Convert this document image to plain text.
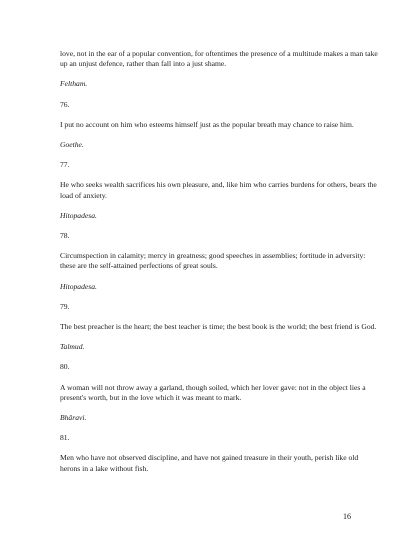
love, not in the ear of a popular convention, for oftentimes the presence of a multitude makes a man take up an unjust defence, rather than fall into a just shame.

Feltham.

76.

I put no account on him who esteems himself just as the popular breath may chance to raise him.

Goethe.

77.

He who seeks wealth sacrifices his own pleasure, and, like him who carries burdens for others, bears the load of anxiety.

Hitopadesa.

78.

Circumspection in calamity; mercy in greatness; good speeches in assemblies; fortitude in adversity: these are the self-attained perfections of great souls.

Hitopadesa.

79.

The best preacher is the heart; the best teacher is time; the best book is the world; the best friend is God.

Talmud.

80.

A woman will not throw away a garland, though soiled, which her lover gave: not in the object lies a present's worth, but in the love which it was meant to mark.

Bhâravi.

81.

Men who have not observed discipline, and have not gained treasure in their youth, perish like old herons in a lake without fish.

16
